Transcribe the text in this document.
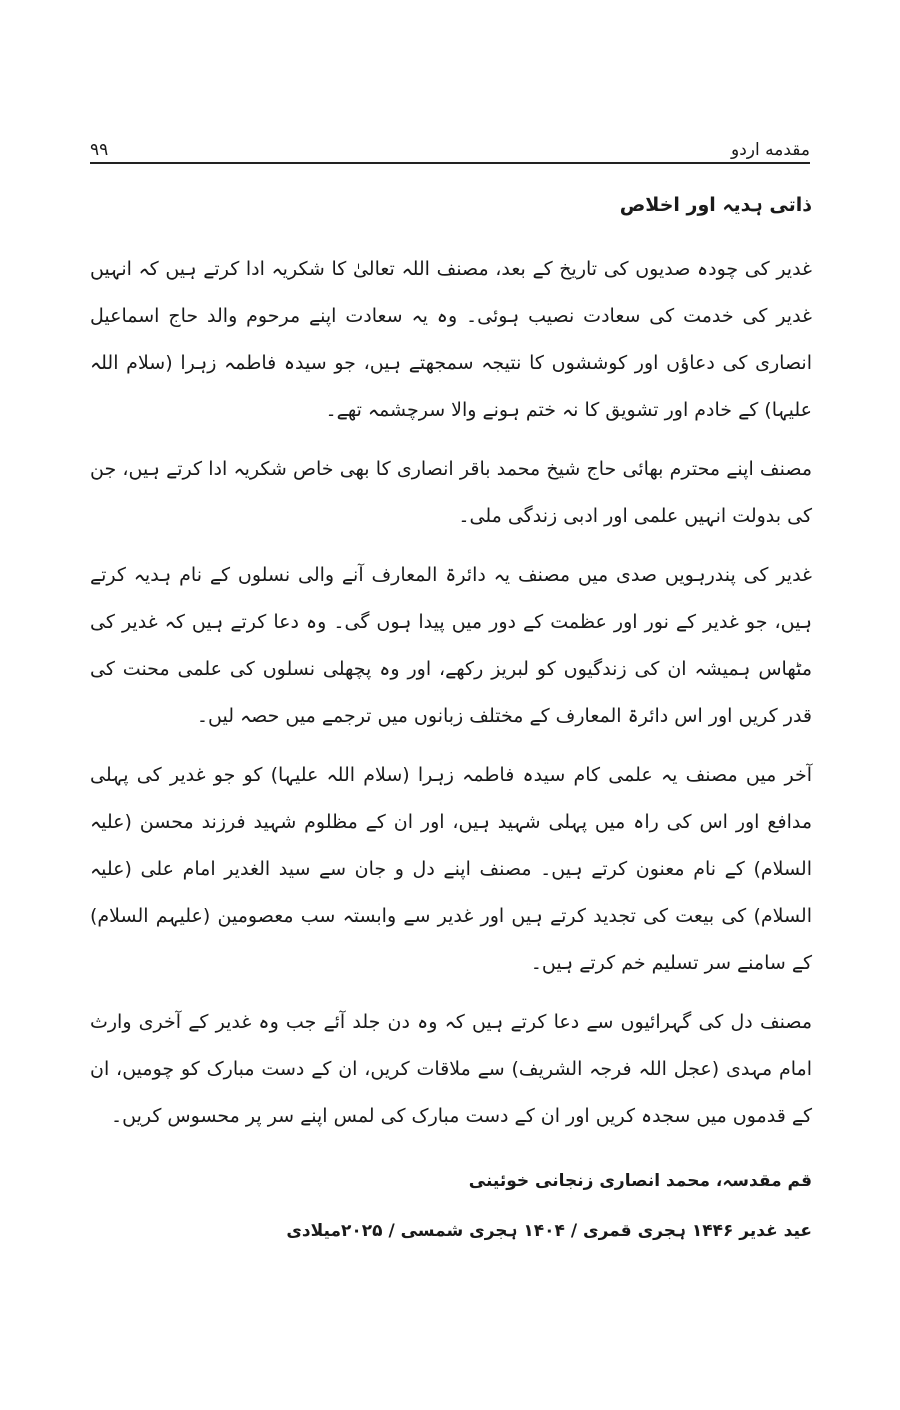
۹۹	مقدمه اردو
ذاتی ہدیہ اور اخلاص

غدیر کی چودہ صدیوں کی تاریخ کے بعد، مصنف اللہ تعالیٰ کا شکریہ ادا کرتے ہیں کہ انہیں غدیر کی خدمت کی سعادت نصیب ہوئی۔ وہ یہ سعادت اپنے مرحوم والد حاج اسماعیل انصاری کی دعاؤں اور کوششوں کا نتیجہ سمجھتے ہیں، جو سیدہ فاطمہ زہرا (سلام اللہ علیہا) کے خادم اور تشویق کا نہ ختم ہونے والا سرچشمہ تھے۔

مصنف اپنے محترم بھائی حاج شیخ محمد باقر انصاری کا بھی خاص شکریہ ادا کرتے ہیں، جن کی بدولت انہیں علمی اور ادبی زندگی ملی۔

غدیر کی پندرہویں صدی میں مصنف یہ دائرۃ المعارف آنے والی نسلوں کے نام ہدیہ کرتے ہیں، جو غدیر کے نور اور عظمت کے دور میں پیدا ہوں گی۔ وہ دعا کرتے ہیں کہ غدیر کی مٹھاس ہمیشہ ان کی زندگیوں کو لبریز رکھے، اور وہ پچھلی نسلوں کی علمی محنت کی قدر کریں اور اس دائرۃ المعارف کے مختلف زبانوں میں ترجمے میں حصہ لیں۔

آخر میں مصنف یہ علمی کام سیدہ فاطمہ زہرا (سلام اللہ علیہا) کو جو غدیر کی پہلی مدافع اور اس کی راہ میں پہلی شہید ہیں، اور ان کے مظلوم شہید فرزند محسن (علیہ السلام) کے نام معنون کرتے ہیں۔ مصنف اپنے دل و جان سے سید الغدیر امام علی (علیہ السلام) کی بیعت کی تجدید کرتے ہیں اور غدیر سے وابستہ سب معصومین (علیہم السلام) کے سامنے سر تسلیم خم کرتے ہیں۔

مصنف دل کی گہرائیوں سے دعا کرتے ہیں کہ وہ دن جلد آئے جب وہ غدیر کے آخری وارث امام مہدی (عجل اللہ فرجہ الشریف) سے ملاقات کریں، ان کے دست مبارک کو چومیں، ان کے قدموں میں سجدہ کریں اور ان کے دست مبارک کی لمس اپنے سر پر محسوس کریں۔

قم مقدسہ، محمد انصاری زنجانی خوئینی
عید غدیر ۱۴۴۶ ہجری قمری / ۱۴۰۴ ہجری شمسی / ۲۰۲۵میلادی
